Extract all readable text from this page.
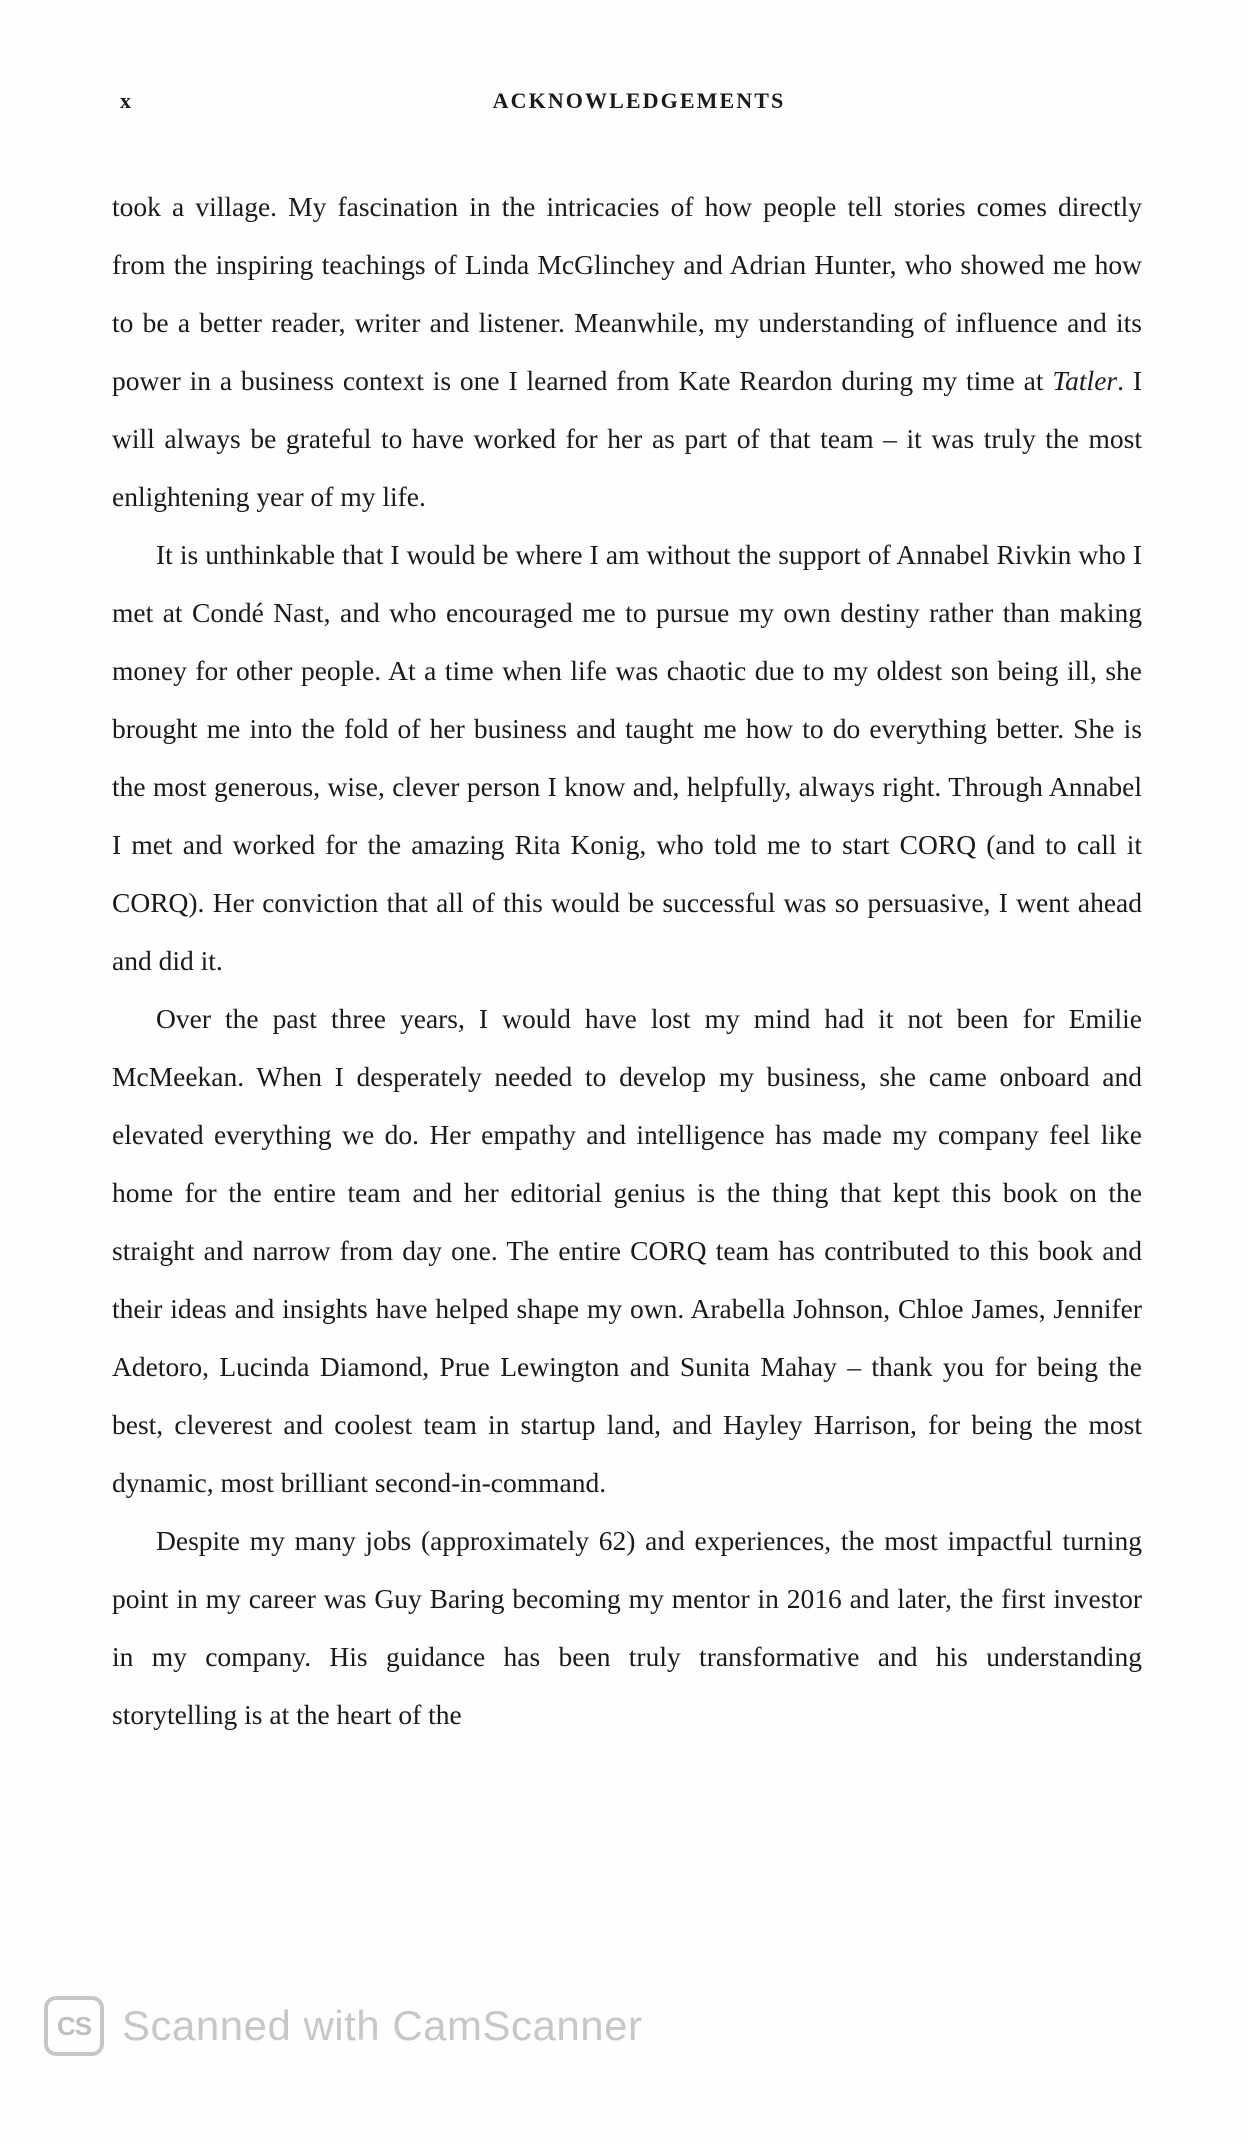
x	ACKNOWLEDGEMENTS

took a village. My fascination in the intricacies of how people tell stories comes directly from the inspiring teachings of Linda McGlinchey and Adrian Hunter, who showed me how to be a better reader, writer and listener. Meanwhile, my understanding of influence and its power in a business context is one I learned from Kate Reardon during my time at Tatler. I will always be grateful to have worked for her as part of that team – it was truly the most enlightening year of my life.

It is unthinkable that I would be where I am without the support of Annabel Rivkin who I met at Condé Nast, and who encouraged me to pursue my own destiny rather than making money for other people. At a time when life was chaotic due to my oldest son being ill, she brought me into the fold of her business and taught me how to do everything better. She is the most generous, wise, clever person I know and, helpfully, always right. Through Annabel I met and worked for the amazing Rita Konig, who told me to start CORQ (and to call it CORQ). Her conviction that all of this would be successful was so persuasive, I went ahead and did it.

Over the past three years, I would have lost my mind had it not been for Emilie McMeekan. When I desperately needed to develop my business, she came onboard and elevated everything we do. Her empathy and intelligence has made my company feel like home for the entire team and her editorial genius is the thing that kept this book on the straight and narrow from day one. The entire CORQ team has contributed to this book and their ideas and insights have helped shape my own. Arabella Johnson, Chloe James, Jennifer Adetoro, Lucinda Diamond, Prue Lewington and Sunita Mahay – thank you for being the best, cleverest and coolest team in startup land, and Hayley Harrison, for being the most dynamic, most brilliant second-in-command.

Despite my many jobs (approximately 62) and experiences, the most impactful turning point in my career was Guy Baring becoming my mentor in 2016 and later, the first investor in my company. His guidance has been truly transformative and his understanding storytelling is at the heart of the

CS Scanned with CamScanner
